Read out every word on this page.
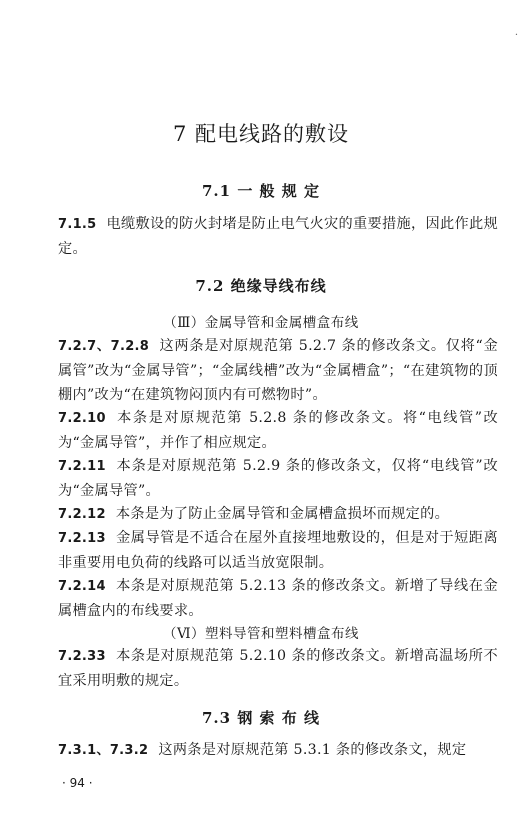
·
7 配电线路的敷设
7.1 一 般 规 定
7.1.5 电缆敷设的防火封堵是防止电气火灾的重要措施，因此作此规定。
7.2 绝缘导线布线
（Ⅲ）金属导管和金属槽盒布线
7.2.7、7.2.8 这两条是对原规范第 5.2.7 条的修改条文。仅将“金属管”改为“金属导管”；“金属线槽”改为“金属槽盒”；“在建筑物的顶棚内”改为“在建筑物闷顶内有可燃物时”。
7.2.10 本条是对原规范第 5.2.8 条的修改条文。将“电线管”改为“金属导管”，并作了相应规定。
7.2.11 本条是对原规范第 5.2.9 条的修改条文，仅将“电线管”改为“金属导管”。
7.2.12 本条是为了防止金属导管和金属槽盒损坏而规定的。
7.2.13 金属导管是不适合在屋外直接埋地敷设的，但是对于短距离非重要用电负荷的线路可以适当放宽限制。
7.2.14 本条是对原规范第 5.2.13 条的修改条文。新增了导线在金属槽盒内的布线要求。
（Ⅵ）塑料导管和塑料槽盒布线
7.2.33 本条是对原规范第 5.2.10 条的修改条文。新增高温场所不宜采用明敷的规定。
7.3 钢 索 布 线
7.3.1、7.3.2 这两条是对原规范第 5.3.1 条的修改条文，规定
· 94 ·
